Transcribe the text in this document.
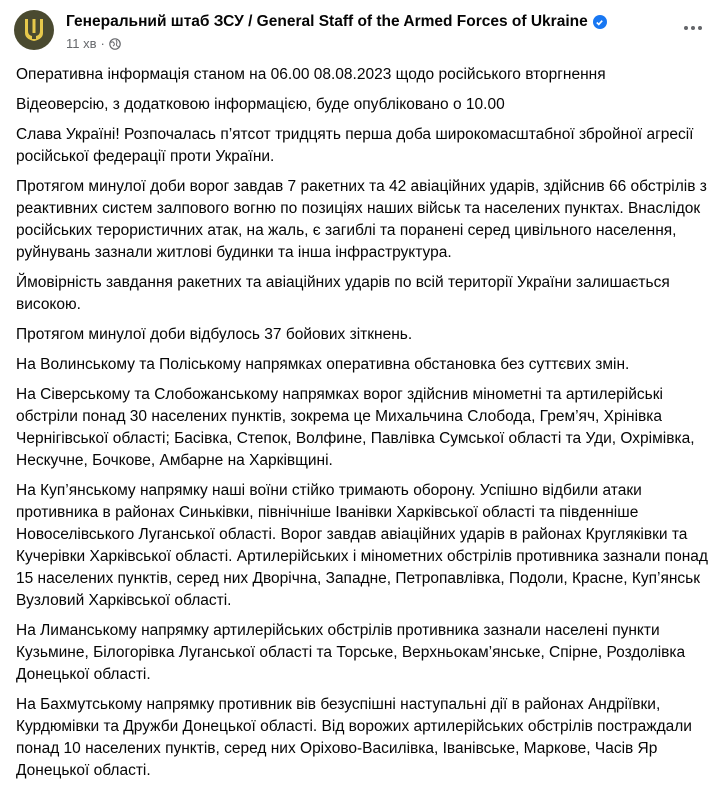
Генеральний штаб ЗСУ / General Staff of the Armed Forces of Ukraine
11 хв ·

Оперативна інформація станом на 06.00 08.08.2023 щодо російського вторгнення

Відеоверсію, з додатковою інформацією, буде опубліковано о 10.00

Слава Україні! Розпочалась п’ятсот тридцять перша доба широкомасштабної збройної агресії російської федерації проти України.

Протягом минулої доби ворог завдав 7 ракетних та 42 авіаційних ударів, здійснив 66 обстрілів з реактивних систем залпового вогню по позиціях наших військ та населених пунктах. Внаслідок російських терористичних атак, на жаль, є загиблі та поранені серед цивільного населення, руйнувань зазнали житлові будинки та інша інфраструктура.

Ймовірність завдання ракетних та авіаційних ударів по всій території України залишається високою.

Протягом минулої доби відбулось 37 бойових зіткнень.

На Волинському та Поліському напрямках оперативна обстановка без суттєвих змін.

На Сіверському та Слобожанському напрямках ворог здійснив мінометні та артилерійські обстріли понад 30 населених пунктів, зокрема це Михальчина Слобода, Грем’яч, Хрінівка Чернігівської області; Басівка, Степок, Волфине, Павлівка Сумської області та Уди, Охрімівка, Нескучне, Бочкове, Амбарне на Харківщині.

На Куп’янському напрямку наші воїни стійко тримають оборону. Успішно відбили атаки противника в районах Синьківки, північніше Іванівки Харківської області та південніше Новоселівського Луганської області. Ворог завдав авіаційних ударів в районах Кругляківки та Кучерівки Харківської області. Артилерійських і мінометних обстрілів противника зазнали понад 15 населених пунктів, серед них Дворічна, Западне, Петропавлівка, Подоли, Красне, Куп’янськ Вузловий Харківської області.

На Лиманському напрямку артилерійських обстрілів противника зазнали населені пункти Кузьмине, Білогорівка Луганської області та Торське, Верхньокам’янське, Спірне, Роздолівка Донецької області.

На Бахмутському напрямку противник вів безуспішні наступальні дії в районах Андріївки, Курдюмівки та Дружби Донецької області. Від ворожих артилерійських обстрілів постраждали понад 10 населених пунктів, серед них Оріхово-Василівка, Іванівське, Маркове, Часів Яр Донецької області.
